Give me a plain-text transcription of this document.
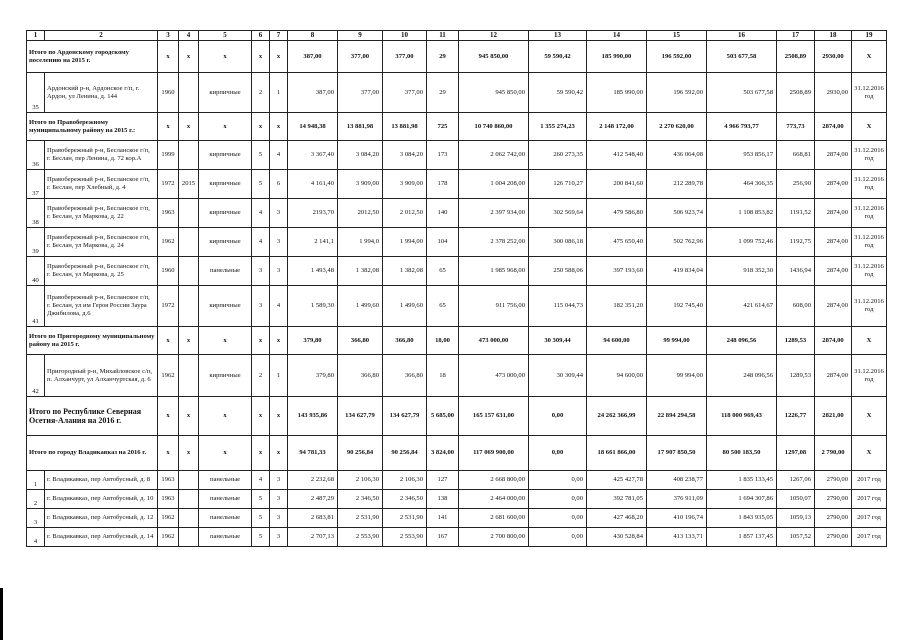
1	2	3	4	5	6	7	8	9	10	11	12	13	14	15	16	17	18	19
Итого по Ардонскому городскому поселению на 2015 г.		x	x	x	x	x	387,00	377,00	377,00	29	945 850,00	59 590,42	185 990,00	196 592,00	503 677,58	2508,89	2930,00	X
35	Ардонский р-н, Ардонское г/п, г. Ардон, ул Ленина, д. 144	1960		кирпичные	2	1	387,00	377,00	377,00	29	945 850,00	59 590,42	185 990,00	196 592,00	503 677,58	2508,89	2930,00	31.12.2016 год
Итого по Правобережному муниципальному району на 2015 г.:		x	x	x	x	x	14 948,38	13 881,98	13 881,98	725	10 740 860,00	1 355 274,23	2 148 172,00	2 270 620,00	4 966 793,77	773,73	2874,00	X
36	Правобережный р-н, Бесланское г/п, г. Беслан, пер Ленина, д. 72 кор.А	1999		кирпичные	5	4	3 367,40	3 084,20	3 084,20	173	2 062 742,00	260 273,35	412 548,40	436 064,08	953 856,17	668,81	2874,00	31.12.2016 год
37	Правобережный р-н, Бесланское г/п, г. Беслан, пер Хлебный, д. 4	1972	2015	кирпичные	5	6	4 161,40	3 909,00	3 909,00	178	1 004 208,00	126 710,27	200 841,60	212 289,78	464 366,35	256,90	2874,00	31.12.2016 год
38	Правобережный р-н, Бесланское г/п, г. Беслан, ул Маркова, д. 22	1963		кирпичные	4	3	2193,70	2012,50	2 012,50	140	2 397 934,00	302 569,64	479 586,80	506 923,74	1 108 853,82	1191,52	2874,00	31.12.2016 год
39	Правобережный р-н, Бесланское г/п, г. Беслан, ул Маркова, д. 24	1962		кирпичные	4	3	2 141,1	1 994,0	1 994,00	104	2 378 252,00	300 086,18	475 650,40	502 762,96	1 099 752,46	1192,75	2874,00	31.12.2016 год
40	Правобережный р-н, Бесланское г/п, г. Беслан, ул Маркова, д. 25	1960		панельные	3	3	1 493,48	1 382,08	1 382,08	65	1 985 968,00	250 588,06	397 193,60	419 834,04	918 352,30	1436,94	2874,00	31.12.2016 год
41	Правобережный р-н, Бесланское г/п, г. Беслан, ул им Героя России Заура Джибилова, д.6	1972		кирпичные	3	4	1 589,30	1 499,60	1 499,60	65	911 756,00	115 044,73	182 351,20	192 745,40	421 614,67	608,00	2874,00	31.12.2016 год
Итого по Пригородному муниципальному району на 2015 г.		x	x	x	x	x	379,80	366,80	366,80	18,00	473 000,00	30 309,44	94 600,00	99 994,00	248 096,56	1289,53	2874,00	X
42	Пригородный р-н, Михайловское с/п, п. Алханчурт, ул Алханчуртская, д. 6	1962		кирпичные	2	1	379,80	366,80	366,80	18	473 000,00	30 309,44	94 600,00	99 994,00	248 096,56	1289,53	2874,00	31.12.2016 год
Итого по Республике Северная Осетия-Алания на 2016 г.		x	x	x	x	x	143 935,86	134 627,79	134 627,79	5 685,00	165 157 631,00	0,00	24 262 366,99	22 894 294,58	118 000 969,43	1226,77	2821,00	X
Итого по городу Владикавказ на 2016 г.		x	x	x	x	x	94 781,33	90 256,84	90 256,84	3 824,00	117 069 900,00	0,00	18 661 866,00	17 907 850,50	80 500 183,50	1297,08	2 790,00	X
1	г. Владикавказ, пер Автобусный, д. 8	1963		панельные	4	3	2 232,68	2 106,30	2 106,30	127	2 668 800,00	0,00	425 427,78	408 238,77	1 835 133,45	1267,06	2790,00	2017 год
2	г. Владикавказ, пер Автобусный, д. 10	1963		панельные	5	3	2 487,29	2 346,50	2 346,50	138	2 464 000,00	0,00	392 781,05	376 911,09	1 694 307,86	1050,07	2790,00	2017 год
3	г. Владикавказ, пер Автобусный, д. 12	1962		панельные	5	3	2 683,81	2 531,90	2 531,90	141	2 681 600,00	0,00	427 468,20	410 196,74	1 843 935,05	1059,13	2790,00	2017 год
4	г. Владикавказ, пер Автобусный, д. 14	1962		панельные	5	3	2 707,13	2 553,90	2 553,90	167	2 700 800,00	0,00	430 528,84	413 133,71	1 857 137,45	1057,52	2790,00	2017 год
